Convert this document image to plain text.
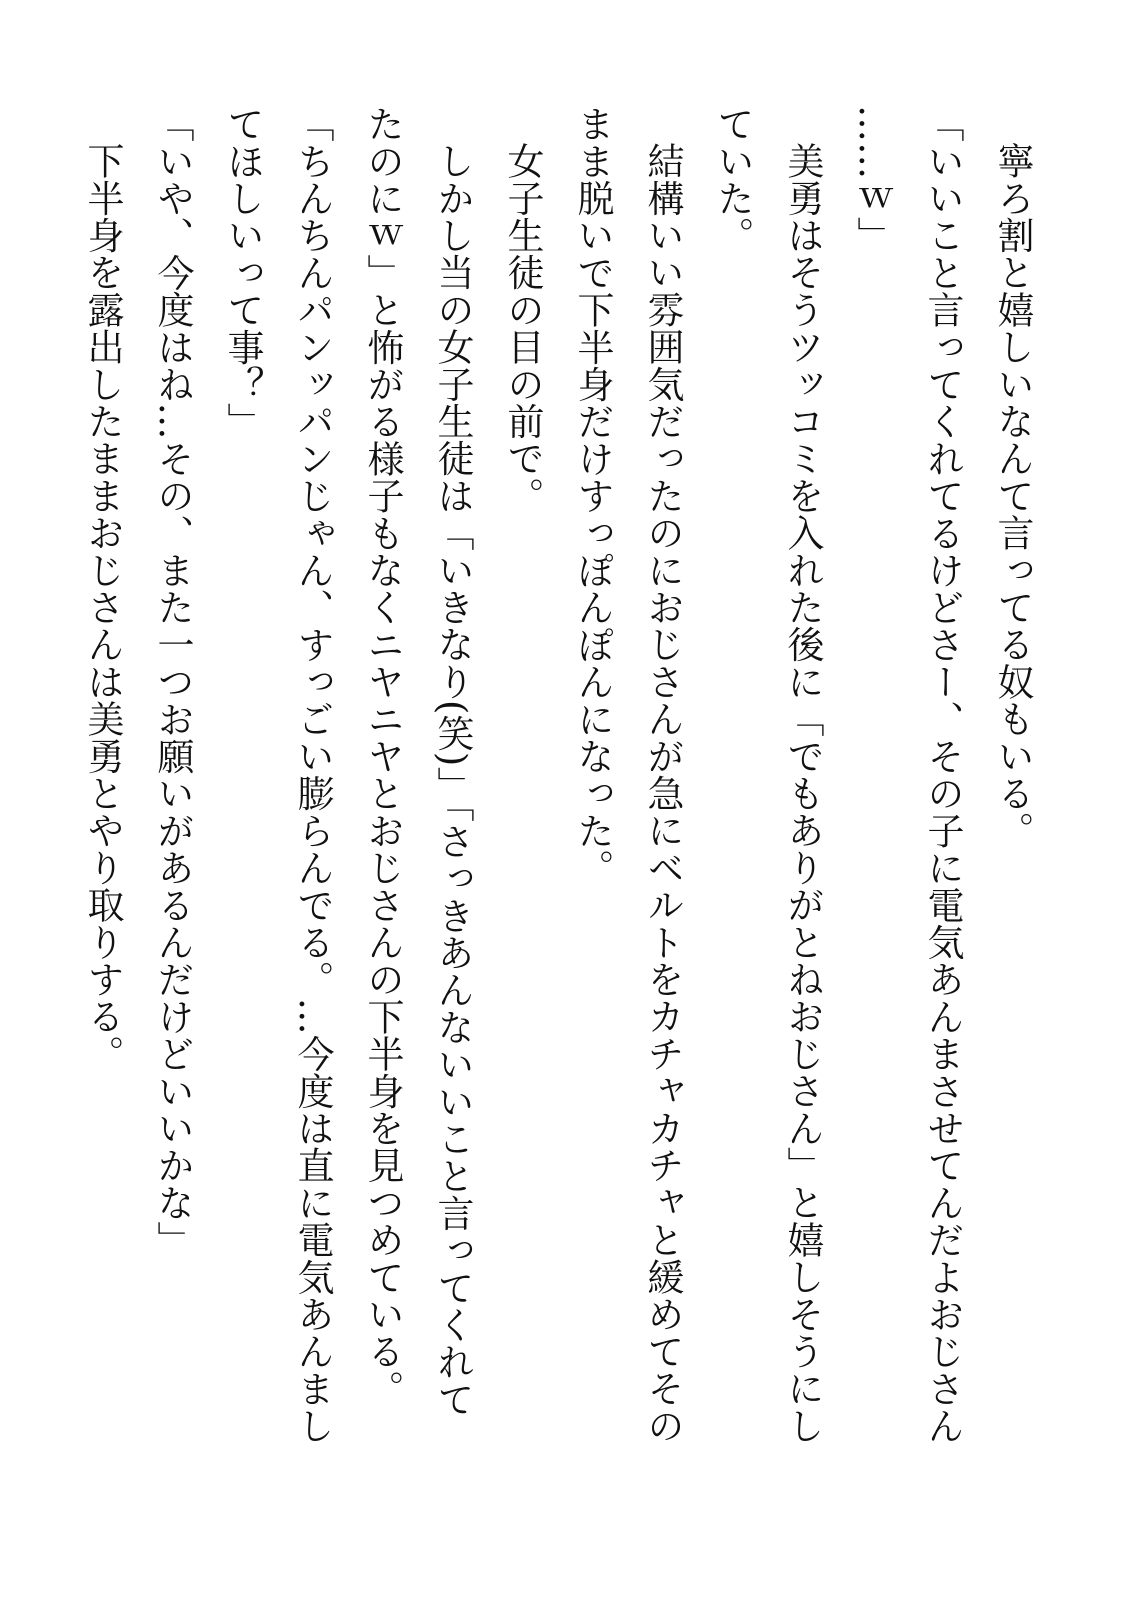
寧ろ割と嬉しいなんて言ってる奴もいる。

「いいこと言ってくれてるけどさー、その子に電気あんまさせてんだよおじさん

……ｗ」

美勇はそうツッコミを入れた後に「でもありがとねおじさん」と嬉しそうにし

ていた。

結構いい雰囲気だったのにおじさんが急にベルトをカチャカチャと緩めてその

まま脱いで下半身だけすっぽんぽんになった。

女子生徒の目の前で。

しかし当の女子生徒は「いきなり(笑)」「さっきあんないいこと言ってくれて

たのにｗ」と怖がる様子もなくニヤニヤとおじさんの下半身を見つめている。

「ちんちんパンッパンじゃん、すっごい膨らんでる。…今度は直に電気あんまし

てほしいって事？」

「いや、今度はね…その、また一つお願いがあるんだけどいいかな」

下半身を露出したままおじさんは美勇とやり取りする。
